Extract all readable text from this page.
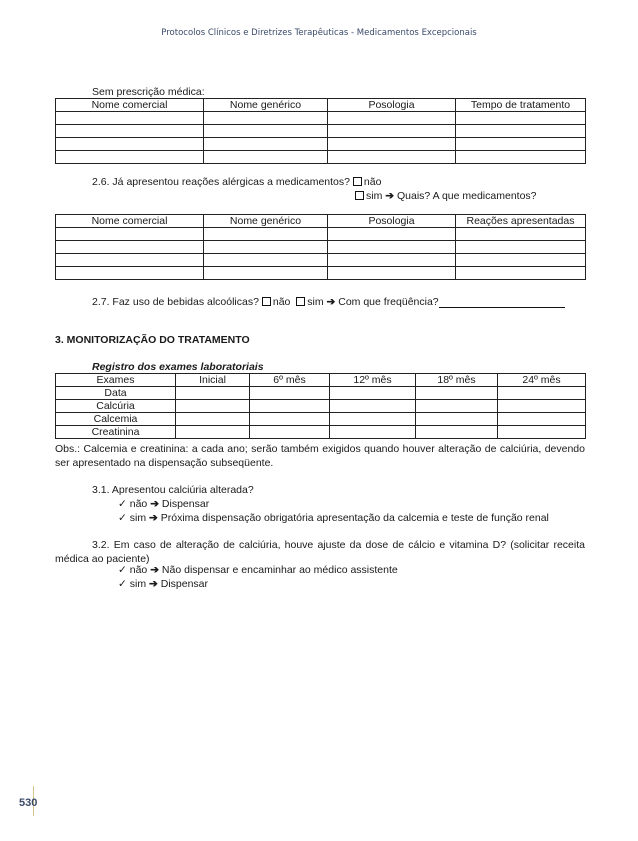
Protocolos Clínicos e Diretrizes Terapêuticas - Medicamentos Excepcionais
Sem prescrição médica:
Nome comercial	Nome genérico	Posologia	Tempo de tratamento

2.6. Já apresentou reações alérgicas a medicamentos? não
sim ➔ Quais? A que medicamentos?
Nome comercial	Nome genérico	Posologia	Reações apresentadas

2.7. Faz uso de bebidas alcoólicas? não sim ➔ Com que freqüência?
3. MONITORIZAÇÃO DO TRATAMENTO
Registro dos exames laboratoriais
Exames	Inicial	6º mês	12º mês	18º mês	24º mês
Data					
Calcúria					
Calcemia					
Creatinina					
Obs.: Calcemia e creatinina: a cada ano; serão também exigidos quando houver alteração de calciúria, devendo ser apresentado na dispensação subseqüente.
3.1. Apresentou calciúria alterada?
✓ não ➔ Dispensar
✓ sim ➔ Próxima dispensação obrigatória apresentação da calcemia e teste de função renal
3.2. Em caso de alteração de calciúria, houve ajuste da dose de cálcio e vitamina D? (solicitar receita médica ao paciente)
✓ não ➔ Não dispensar e encaminhar ao médico assistente
✓ sim ➔ Dispensar
530
